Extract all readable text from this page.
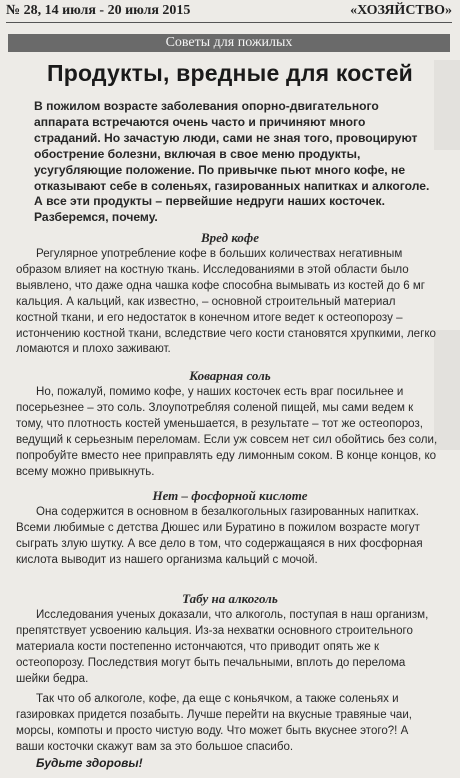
№ 28, 14 июля - 20 июля 2015	«ХОЗЯЙСТВО»
Советы для пожилых
Продукты, вредные для костей
В пожилом возрасте заболевания опорно-двигательного аппарата встречаются очень часто и причиняют много страданий. Но зачастую люди, сами не зная того, провоцируют обострение болезни, включая в свое меню продукты, усугубляющие положение. По привычке пьют много кофе, не отказывают себе в соленьях, газированных напитках и алкоголе. А все эти продукты – первейшие недруги наших косточек. Разберемся, почему.
Вред кофе
Регулярное употребление кофе в больших количествах негативным образом влияет на костную ткань. Исследованиями в этой области было выявлено, что даже одна чашка кофе способна вымывать из костей до 6 мг кальция. А кальций, как известно, – основной строительный материал костной ткани, и его недостаток в конечном итоге ведет к остеопорозу – истончению костной ткани, вследствие чего кости становятся хрупкими, легко ломаются и плохо заживают.
Коварная соль
Но, пожалуй, помимо кофе, у наших косточек есть враг посильнее и посерьезнее – это соль. Злоупотребляя соленой пищей, мы сами ведем к тому, что плотность костей уменьшается, в результате – тот же остеопороз, ведущий к серьезным переломам. Если уж совсем нет сил обойтись без соли, попробуйте вместо нее приправлять еду лимонным соком. В конце концов, ко всему можно привыкнуть.
Нет – фосфорной кислоте
Она содержится в основном в безалкогольных газированных напитках. Всеми любимые с детства Дюшес или Буратино в пожилом возрасте могут сыграть злую шутку. А все дело в том, что содержащаяся в них фосфорная кислота выводит из нашего организма кальций с мочой.
Табу на алкоголь
Исследования ученых доказали, что алкоголь, поступая в наш организм, препятствует усвоению кальция. Из-за нехватки основного строительного материала кости постепенно истончаются, что приводит опять же к остеопорозу. Последствия могут быть печальными, вплоть до перелома шейки бедра.
Так что об алкоголе, кофе, да еще с коньячком, а также соленьях и газировках придется позабыть. Лучше перейти на вкусные травяные чаи, морсы, компоты и просто чистую воду. Что может быть вкуснее этого?! А ваши косточки скажут вам за это большое спасибо.
Будьте здоровы!
